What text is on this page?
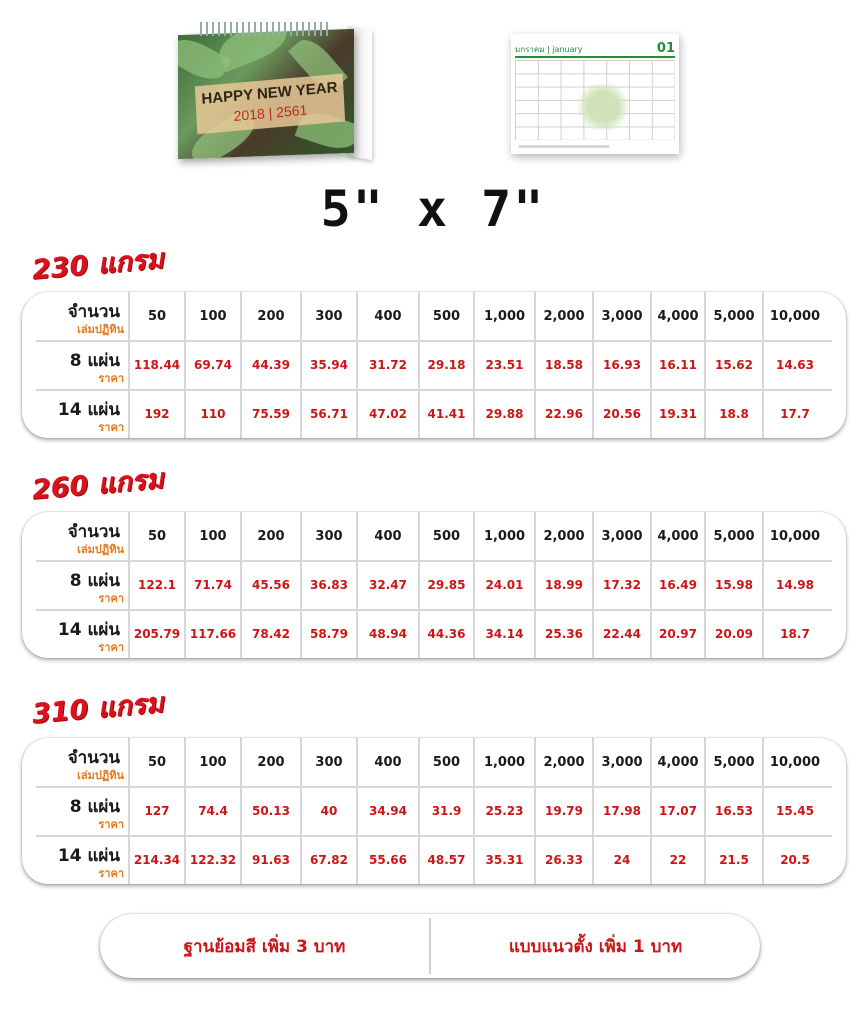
HAPPY NEW YEAR
2018 | 2561
มกราคม | january	01
5" x 7"
230 แกรม
จำนวน
เล่มปฏิทิน
50	100	200	300	400	500	1,000	2,000	3,000	4,000	5,000	10,000
8 แผ่น
ราคา
118.44	69.74	44.39	35.94	31.72	29.18	23.51	18.58	16.93	16.11	15.62	14.63
14 แผ่น
ราคา
192	110	75.59	56.71	47.02	41.41	29.88	22.96	20.56	19.31	18.8	17.7
260 แกรม
จำนวน
เล่มปฏิทิน
50	100	200	300	400	500	1,000	2,000	3,000	4,000	5,000	10,000
8 แผ่น
ราคา
122.1	71.74	45.56	36.83	32.47	29.85	24.01	18.99	17.32	16.49	15.98	14.98
14 แผ่น
ราคา
205.79 117.66	78.42	58.79	48.94	44.36	34.14	25.36	22.44	20.97	20.09	18.7
310 แกรม
จำนวน
เล่มปฏิทิน
50	100	200	300	400	500	1,000	2,000	3,000	4,000	5,000	10,000
8 แผ่น
ราคา
127	74.4	50.13	40	34.94	31.9	25.23	19.79	17.98	17.07	16.53	15.45
14 แผ่น
ราคา
214.34 122.32	91.63	67.82	55.66	48.57	35.31	26.33	24	22	21.5	20.5
ฐานย้อมสี เพิ่ม 3 บาท	แบบแนวตั้ง เพิ่ม 1 บาท
